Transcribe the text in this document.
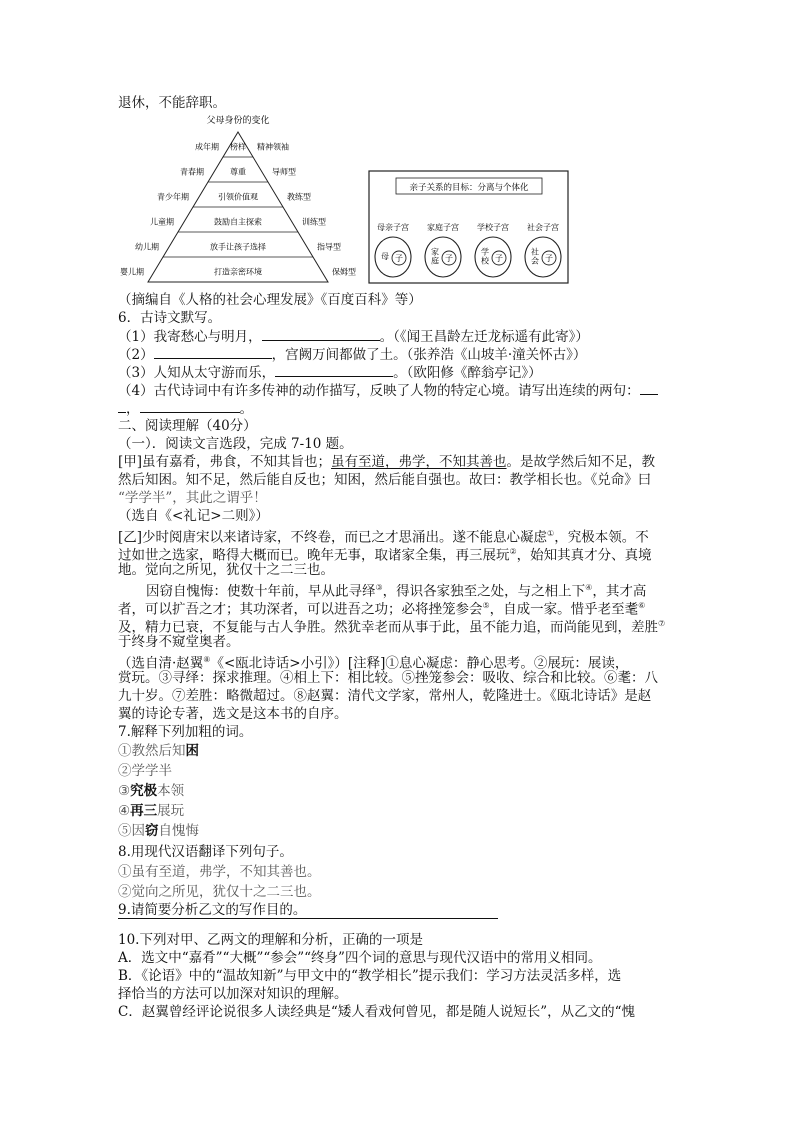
退休，不能辞职。
父母身份的变化
榜样
成年期	精神领袖
尊重
青春期	导师型
引领价值观
青少年期	教练型
鼓励自主探索
儿童期	训练型
放手让孩子选择
幼儿期	指导型
打造亲密环境
婴儿期	保姆型
亲子关系的目标：分离与个体化
母亲子宫
母 子
家庭子宫
家
庭 子
学校子宫
学
校 子
社会子宫
社
会 子
（摘编自《人格的社会心理发展》《百度百科》等）
6．古诗文默写。
（1）我寄愁心与明月，	。（《闻王昌龄左迁龙标遥有此寄》）
（2）	，宫阙万间都做了土。（张养浩《山坡羊·潼关怀古》）
（3）人知从太守游而乐，	。（欧阳修《醉翁亭记》）
（4）古代诗词中有许多传神的动作描写，反映了人物的特定心境。请写出连续的两句：
，	。
二、阅读理解（40分）
（一）．阅读文言选段，完成 7-10 题。
[甲]虽有嘉肴，弗食，不知其旨也；虽有至道，弗学，不知其善也。是故学然后知不足，教
然后知困。知不足，然后能自反也；知困，然后能自强也。故曰：教学相长也。《兑命》曰
“学学半”，其此之谓乎！
（选自《<礼记>二则》）
[乙]少时阅唐宋以来诸诗家，不终卷，而已之才思涌出。遂不能息心凝虑①，究极本领。不
过如世之选家，略得大概而已。晚年无事，取诸家全集，再三展玩②，始知其真才分、真境
地。觉向之所见，犹仅十之二三也。
因窃自愧悔：使数十年前，早从此寻绎③，得识各家独至之处，与之相上下④，其才高
者，可以扩吾之才；其功深者，可以进吾之功；必将挫笼参会⑤，自成一家。惜乎老至耄⑥
及，精力已衰，不复能与古人争胜。然犹幸老而从事于此，虽不能力追，而尚能见到，差胜⑦
于终身不窥堂奥者。
（选自清·赵翼⑧《<瓯北诗话>小引》）[注释]①息心凝虑：静心思考。②展玩：展读，
赏玩。③寻绎：探求推理。④相上下：相比较。⑤挫笼参会：吸收、综合和比较。⑥耄：八
九十岁。⑦差胜：略微超过。⑧赵翼：清代文学家，常州人，乾隆进士。《瓯北诗话》是赵
翼的诗论专著，选文是这本书的自序。
7.解释下列加粗的词。
①教然后知困
②学学半
③究极本领
④再三展玩
⑤因窃自愧悔
8.用现代汉语翻译下列句子。
①虽有至道，弗学，不知其善也。
②觉向之所见，犹仅十之二三也。
9.请简要分析乙文的写作目的。
10.下列对甲、乙两文的理解和分析，正确的一项是
A．选文中“嘉肴”“大概”“参会”“终身”四个词的意思与现代汉语中的常用义相同。
B．《论语》中的“温故知新”与甲文中的“教学相长”提示我们：学习方法灵活多样，选
择恰当的方法可以加深对知识的理解。
C．赵翼曾经评论说很多人读经典是“矮人看戏何曾见，都是随人说短长”，从乙文的“愧
